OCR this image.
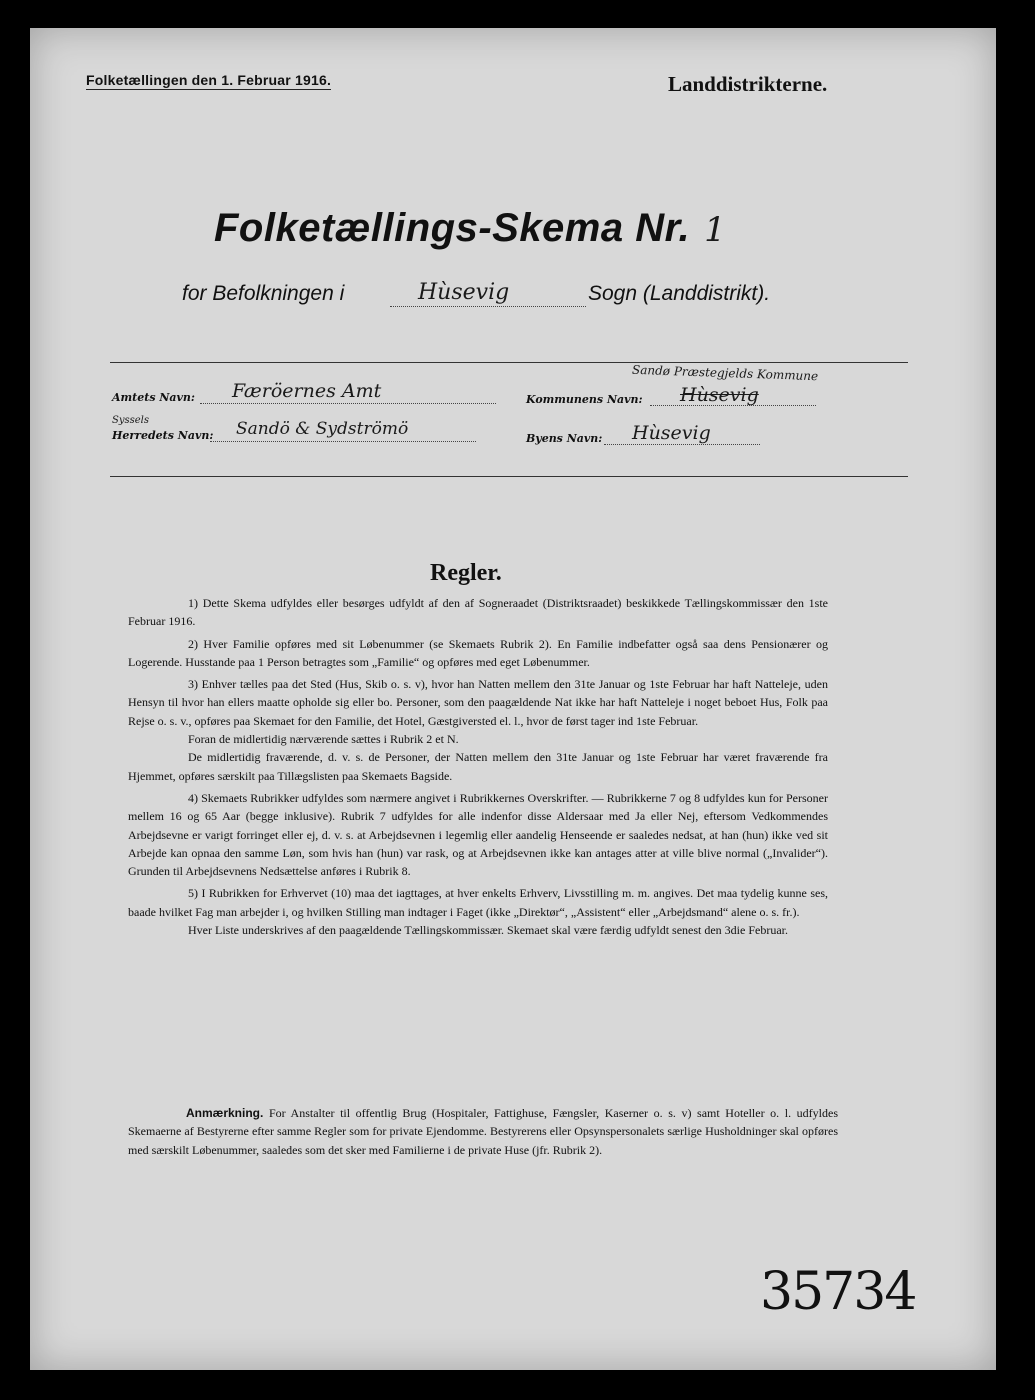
Folketællingen den 1. Februar 1916.	Landdistrikterne.
Folketællings-Skema Nr. 1
for Befolkningen i	Hùsevig	Sogn (Landdistrikt).
Amtets Navn: Færöernes Amt
Sandø Præstegjelds Kommune
Kommunens Navn: Hùsevig
Syssels
Herredets Navn: Sandö & Sydströmö	Byens Navn: Hùsevig
Regler.

1) Dette Skema udfyldes eller besørges udfyldt af den af Sogneraadet (Distriktsraadet) beskikkede Tællingskommissær den 1ste Februar 1916.

2) Hver Familie opføres med sit Løbenummer (se Skemaets Rubrik 2). En Familie indbefatter også saa dens Pensionærer og Logerende. Husstande paa 1 Person betragtes som „Familie“ og opføres med eget Løbenummer.

3) Enhver tælles paa det Sted (Hus, Skib o. s. v), hvor han Natten mellem den 31te Januar og 1ste Februar har haft Natteleje, uden Hensyn til hvor han ellers maatte opholde sig eller bo. Personer, som den paagældende Nat ikke har haft Natteleje i noget beboet Hus, Folk paa Rejse o. s. v., opføres paa Skemaet for den Familie, det Hotel, Gæstgiversted el. l., hvor de først tager ind 1ste Februar.

Foran de midlertidig nærværende sættes i Rubrik 2 et N.

De midlertidig fraværende, d. v. s. de Personer, der Natten mellem den 31te Januar og 1ste Februar har været fraværende fra Hjemmet, opføres særskilt paa Tillægslisten paa Skemaets Bagside.

4) Skemaets Rubrikker udfyldes som nærmere angivet i Rubrikkernes Overskrifter. — Rubrikkerne 7 og 8 udfyldes kun for Personer mellem 16 og 65 Aar (begge inklusive). Rubrik 7 udfyldes for alle indenfor disse Aldersaar med Ja eller Nej, eftersom Vedkommendes Arbejdsevne er varigt forringet eller ej, d. v. s. at Arbejdsevnen i legemlig eller aandelig Henseende er saaledes nedsat, at han (hun) ikke ved sit Arbejde kan opnaa den samme Løn, som hvis han (hun) var rask, og at Arbejdsevnen ikke kan antages atter at ville blive normal („Invalider“). Grunden til Arbejdsevnens Nedsættelse anføres i Rubrik 8.

5) I Rubrikken for Erhvervet (10) maa det iagttages, at hver enkelts Erhverv, Livsstilling m. m. angives. Det maa tydelig kunne ses, baade hvilket Fag man arbejder i, og hvilken Stilling man indtager i Faget (ikke „Direktør“, „Assistent“ eller „Arbejdsmand“ alene o. s. fr.).

Hver Liste underskrives af den paagældende Tællingskommissær. Skemaet skal være færdig udfyldt senest den 3die Februar.

Anmærkning. For Anstalter til offentlig Brug (Hospitaler, Fattighuse, Fængsler, Kaserner o. s. v) samt Hoteller o. l. udfyldes Skemaerne af Bestyrerne efter samme Regler som for private Ejendomme. Bestyrerens eller Opsynspersonalets særlige Husholdninger skal opføres med særskilt Løbenummer, saaledes som det sker med Familierne i de private Huse (jfr. Rubrik 2).

35734
